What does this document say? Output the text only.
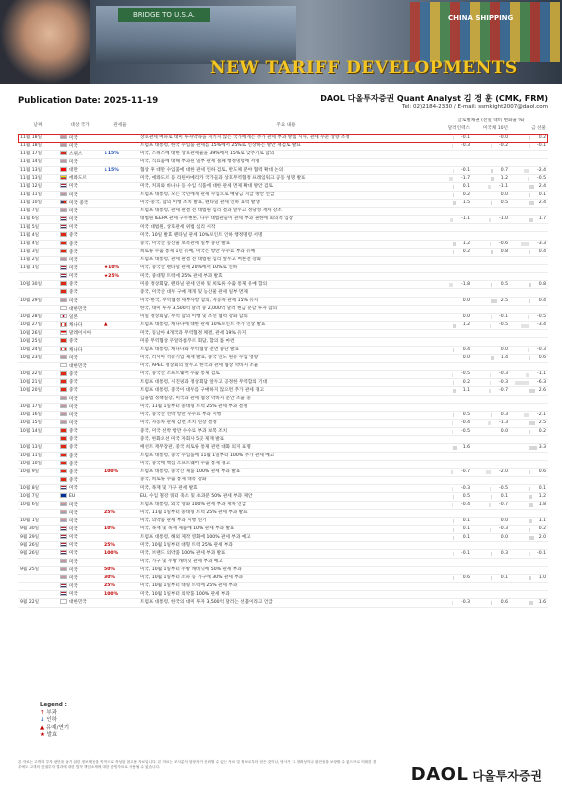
BRIDGE TO U.S.A.	CHINA SHIPPING
NEW TARIFF DEVELOPMENTS
Publication Date: 2025-11-19	DAOL 다올투자증권 Quant Analyst 김 경 훈 (CMK, FRM)
Tel: 02)2184-2330 / E-mail: ssmkight2007@daol.com
날짜	대상 국가	관세율	주요 내용	글로벌채권 (전일 대비 변화율 %)		
				달러인덱스	미국채 10년	금 선물
11월 18일	미국		상호관세 여파로 대미 투자약속을 지키지 않은 국가에게는 추가 관세 부과 방침 시사, 관세 수준 상향 조정	-0.1	-0.0	0.2
11월 18일	미국		트럼프 대통령, 한국 수입품 관세를 15%에서 25%로 인상하는 방안 재검토 발표	-0.3	-0.2	-0.1
11월 17일	스위스	↓15%	미국, 스위스에 대한 상호관세율을 39%에서 15%로 낮추기로 합의			
11월 14일	미국		미국, 식료품에 대해 부과된 일부 관세 철폐 행정명령에 서명			
11월 13일	대만	↓15%	협상 후 대만 수입품에 대한 관세 인하 검토, 반도체 분야 협력 확대 논의	-0.1	0.7	-2.4
11월 13일	에콰도르		미국, 에콰도르 등 라틴아메리카 국가들과 상호무역협정 프레임워크 공동 성명 발표	-1.7	1.2	-0.5
11월 12일	미국		미국, 커피와 바나나 등 수입 식품에 대한 관세 면제 확대 방안 검토	0.1	-1.1	2.4
11월 11일	미국		트럼프 대통령, 모든 국민에게 관세 수입으로 배당금 지급 방안 언급	0.2	0.0	0.1
11월 10일	미국 중국		미국-중국, 합의 이행 조치 발표, 펜타닐 관세 인하 효력 발생	1.5	0.5	2.4
11월 7일	미국		트럼프 대통령, 관세 판결 전 대법원 심리 결과 앞두고 정당성 재차 강조			
11월 6일	미국		대법원 IEEPA 관세 구두변론, 다수 대법관들이 관세 부과 권한에 회의적 입장	-1.1	-1.0	1.7
11월 5일	미국		미국 대법원, 상호관세 위법 심리 시작			
11월 4일	중국		미국, 10일 발효 펜타닐 관세 10%포인트 인하 행정명령 서명			
11월 4일	중국		중국, 미국산 농산물 보복관세 일부 중단 발표	1.2	-0.6	-3.3
11월 3일	중국		희토류 수출 통제 1년 유예, 미국은 항만 수수료 부과 유예	0.2	0.8	0.4
11월 2일	미국		트럼프 대통령, 관세 판결 전 대법원 심리 앞두고 여론전 강화			
11월 1일	미국	★10%	미국, 중국산 펜타닐 관세 20%에서 10%로 인하			
	미국	★25%	미국, 중대형 트럭에 25% 관세 부과 발효			
10월 30일	중국		미중 정상회담, 펜타닐 관세 인하 및 희토류 수출 통제 유예 합의	-1.8	0.5	0.8
	중국		중국, 미국산 대두 구매 재개 및 농산물 관세 일부 면제			
10월 29일	미국		미국-한국, 무역협정 세부사항 합의, 자동차 관세 15% 유지	0.0	2.5	0.4
	대한민국		한국, 대미 투자 3,500억 달러 중 2,000억 달러 현금 분할 투자 합의			
10월 28일	일본		미일 정상회담, 무역 합의 이행 및 조선 협력 강화 합의	0.0	-0.1	-0.5
10월 27일	캐나다	▲	트럼프 대통령, 캐나다에 대한 관세 10%포인트 추가 인상 발표	1.2	-0.5	-3.4
10월 26일	말레이시아		미국, 동남아 4개국과 무역협정 체결, 관세 19% 유지			
10월 25일	중국		미중 무역협상 쿠알라룸푸르 회담, 합의 틀 마련			
10월 24일	캐나다		트럼프 대통령, 캐나다와 무역협상 전면 중단 발표	0.4	0.0	-0.3
10월 23일	미국		미국, 러시아 석유기업 제재 발표, 중국 인도 원유 수입 영향	0.0	1.4	0.6
	대한민국		미국, APEC 정상회의 앞두고 한국과 관세 협상 막바지 조율			
10월 22일	중국		미국, 중국산 소프트웨어 수출 통제 검토	-0.5	-0.3	-1.1
10월 21일	중국		트럼프 대통령, 시진핑과 정상회담 앞두고 공정한 무역합의 기대	0.2	-0.3	-6.3
10월 20일	중국		트럼프 대통령, 중국이 대두를 구매하지 않으면 추가 관세 경고	1.1	-0.7	2.6
	미국		김용범 정책실장, 미국과 관세 협상 막바지 문안 조율 중			
10월 17일	미국		미국, 11월 1일부터 중대형 트럭 25% 관세 부과 결정			
10월 16일	미국		미국, 중국산 선박 항만 수수료 부과 시행	0.5	0.3	-2.1
10월 15일	미국		미국, 자동차 관세 감면 조치 연장 결정	-0.4	-1.3	2.5
10월 14일	중국		중국, 미국 선박 항만 수수료 부과 보복 조치	-0.5	0.0	0.2
	중국		중국, 한화오션 미국 자회사 5곳 제재 발표			
10월 13일	중국		베선트 재무장관, 중국 희토류 통제 관련 대화 의지 표명	1.6		3.3
10월 11일	중국		트럼프 대통령, 중국 수입품에 11월 1일부터 100% 추가 관세 예고			
10월 10일	중국		미국, 중국에 핵심 소프트웨어 수출 통제 경고			
10월 9일	중국	100%	트럼프 대통령, 중국산 제품 100% 관세 부과 발표	-0.7	-2.0	0.6
	중국		중국, 희토류 수출 통제 대폭 강화			
10월 8일	미국		미국, 목재 및 가구 관세 발효	-0.3	-0.5	0.1
10월 7일	EU		EU, 수입 철강 쿼터 축소 및 초과분 50% 관세 부과 제안	0.5	0.1	1.2
10월 6일	미국		트럼프 대통령, 외국 영화 100% 관세 부과 재차 언급	-0.4	-0.7	1.8
	미국	25%	미국, 11월 1일부터 중대형 트럭 25% 관세 부과 발표			
10월 1일	미국		미국, 의약품 관세 부과 시행 연기	0.1	0.0	1.1
9월 30일	미국	10%	미국, 목재 및 목재 제품에 10% 관세 부과 발표	0.1	-0.3	0.2
9월 29일	미국		트럼프 대통령, 해외 제작 영화에 100% 관세 부과 예고	0.1	0.0	2.0
9월 26일	미국	25%	미국, 10월 1일부터 대형 트럭 25% 관세 부과			
9월 26일	미국	100%	미국, 브랜드 의약품 100% 관세 부과 발표	-0.1	0.3	-0.1
	미국		미국, 가구 및 주방 캐비닛 관세 부과 예고			
9월 25일	미국	50%	미국, 10월 1일부터 주방 캐비닛에 50% 관세 부과			
	미국	30%	미국, 10월 1일부터 소파 등 가구에 30% 관세 부과	0.6	0.1	1.0
	미국	25%	미국, 10월 1일부터 대형 트럭에 25% 관세 부과			
	미국	100%	미국, 10월 1일부터 의약품 100% 관세 부과			
9월 22일	대한민국		트럼프 대통령, 한국의 대미 투자 3,500억 달러는 선불이라고 언급	-0.3	0.6	1.6
Legend :
↑ 부과
↓ 인하
▲ 유예/연기
★ 발효
본 자료는 고객의 투자 판단을 돕기 위한 정보제공을 목적으로 작성된 참고용 자료입니다. 본 자료는 조사분석 담당자가 신뢰할 수 있는 자료 및 정보로부터 얻은 것이나, 당사가 그 정확성이나 완전성을 보장할 수 없으므로 어떠한 경우에도 고객의 증권투자 결과에 대한 법적 책임소재에 대한 증빙자료로 사용될 수 없습니다.	DAOL 다올투자증권
